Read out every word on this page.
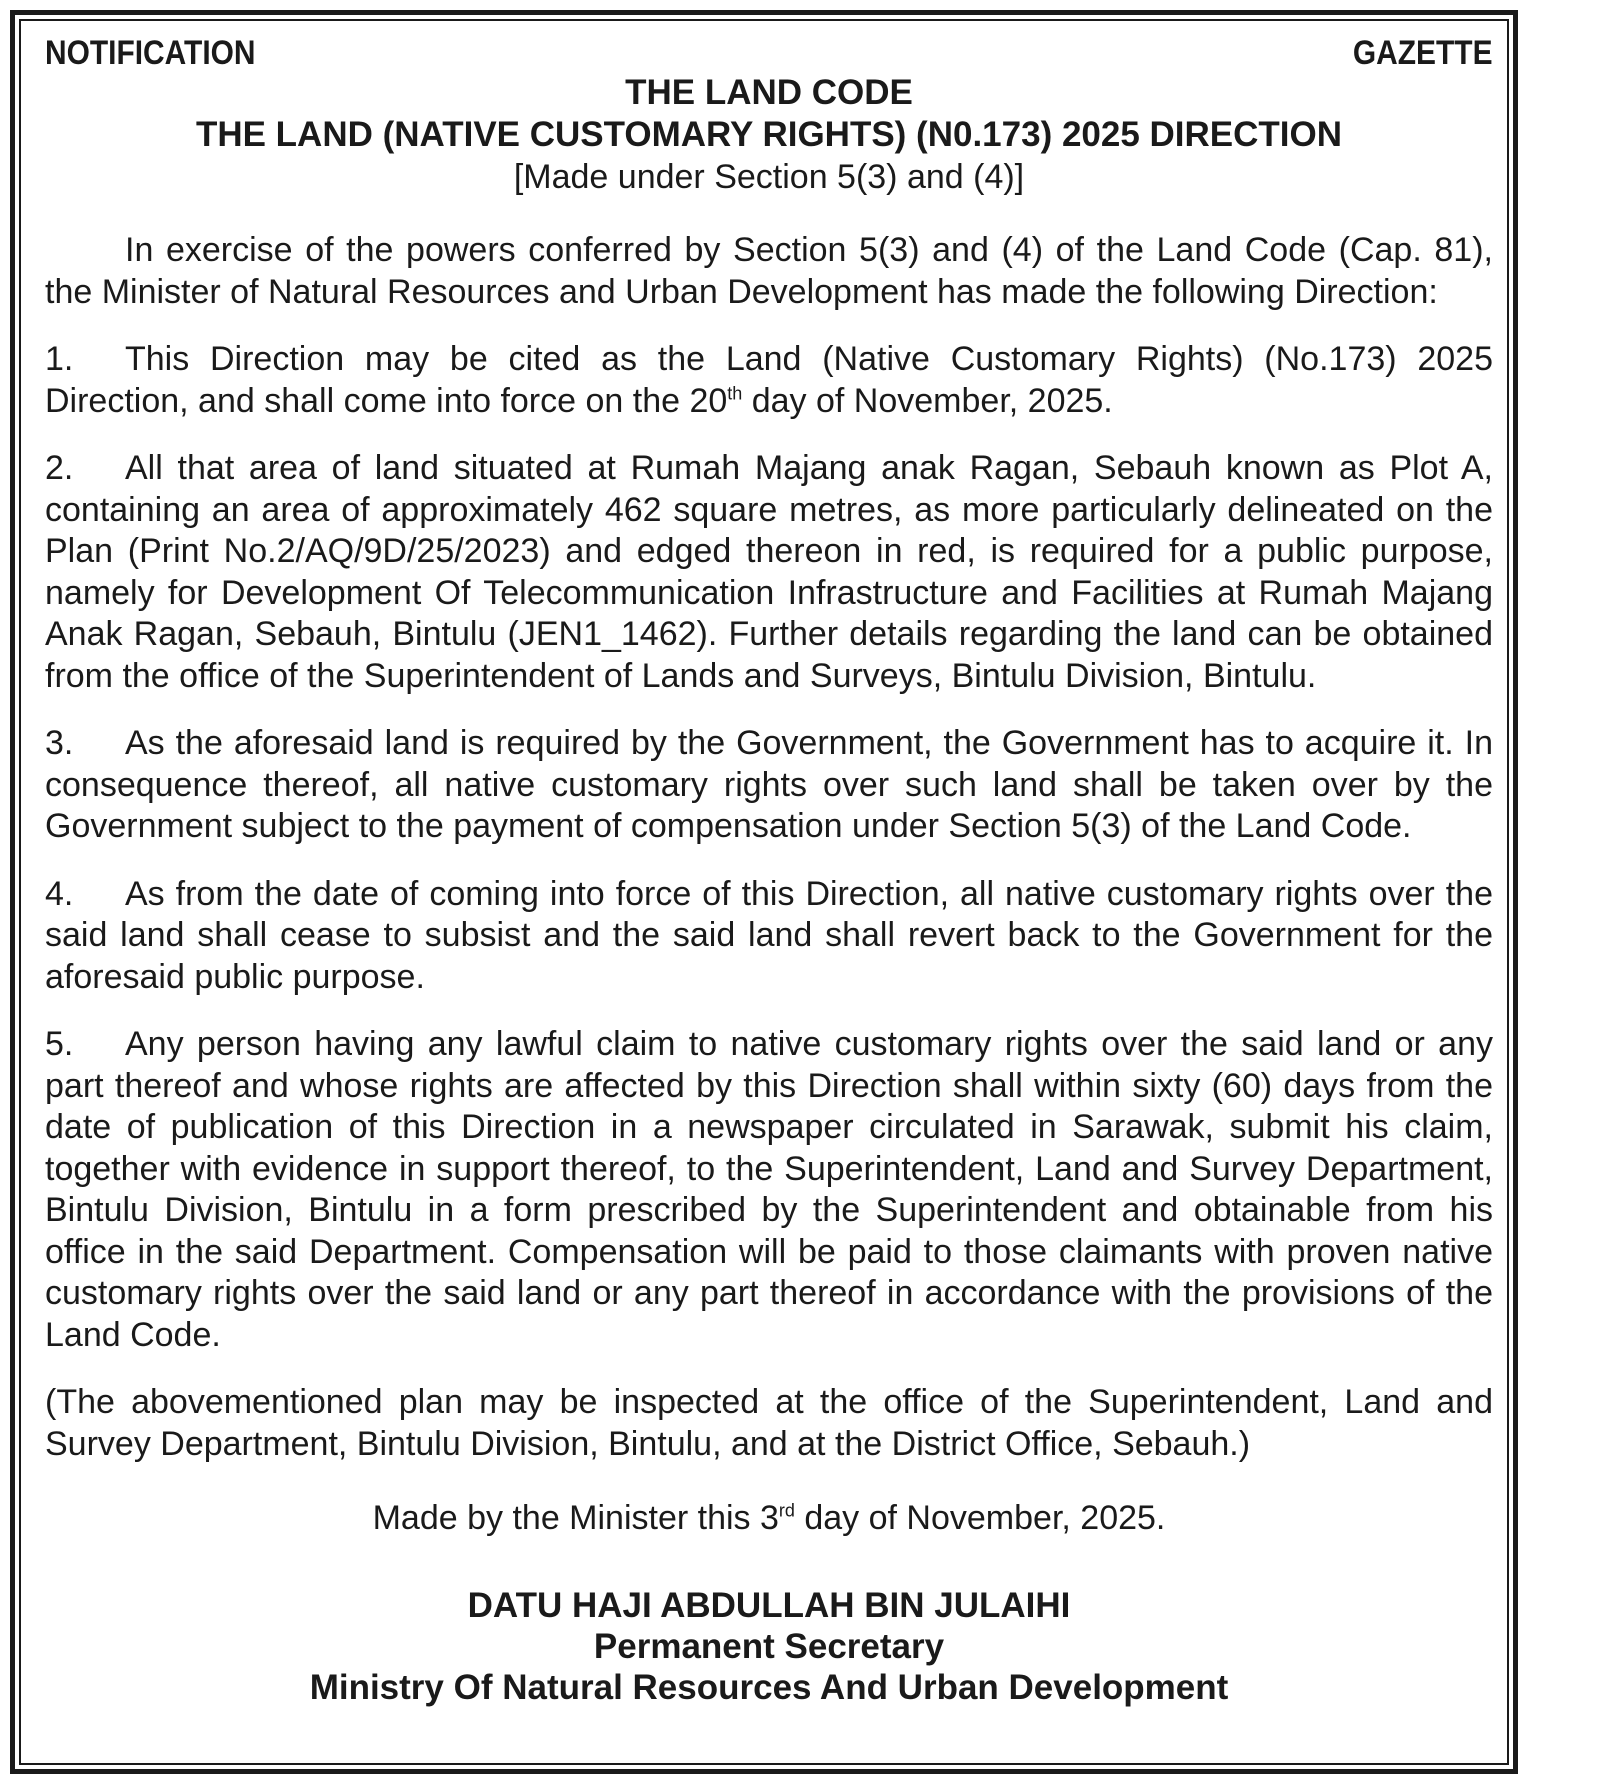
NOTIFICATION	GAZETTE
THE LAND CODE
THE LAND (NATIVE CUSTOMARY RIGHTS) (N0.173) 2025 DIRECTION
[Made under Section 5(3) and (4)]

In exercise of the powers conferred by Section 5(3) and (4) of the Land Code (Cap. 81), the Minister of Natural Resources and Urban Development has made the following Direction:

1. This Direction may be cited as the Land (Native Customary Rights) (No.173) 2025 Direction, and shall come into force on the 20th day of November, 2025.

2. All that area of land situated at Rumah Majang anak Ragan, Sebauh known as Plot A, containing an area of approximately 462 square metres, as more particularly delineated on the Plan (Print No.2/AQ/9D/25/2023) and edged thereon in red, is required for a public purpose, namely for Development Of Telecommunication Infrastructure and Facilities at Rumah Majang Anak Ragan, Sebauh, Bintulu (JEN1_1462). Further details regarding the land can be obtained from the office of the Superintendent of Lands and Surveys, Bintulu Division, Bintulu.

3. As the aforesaid land is required by the Government, the Government has to acquire it. In consequence thereof, all native customary rights over such land shall be taken over by the Government subject to the payment of compensation under Section 5(3) of the Land Code.

4. As from the date of coming into force of this Direction, all native customary rights over the said land shall cease to subsist and the said land shall revert back to the Government for the aforesaid public purpose.

5. Any person having any lawful claim to native customary rights over the said land or any part thereof and whose rights are affected by this Direction shall within sixty (60) days from the date of publication of this Direction in a newspaper circulated in Sarawak, submit his claim, together with evidence in support thereof, to the Superintendent, Land and Survey Department, Bintulu Division, Bintulu in a form prescribed by the Superintendent and obtainable from his office in the said Department. Compensation will be paid to those claimants with proven native customary rights over the said land or any part thereof in accordance with the provisions of the Land Code.

(The abovementioned plan may be inspected at the office of the Superintendent, Land and Survey Department, Bintulu Division, Bintulu, and at the District Office, Sebauh.)

Made by the Minister this 3rd day of November, 2025.
DATU HAJI ABDULLAH BIN JULAIHI
Permanent Secretary
Ministry Of Natural Resources And Urban Development
